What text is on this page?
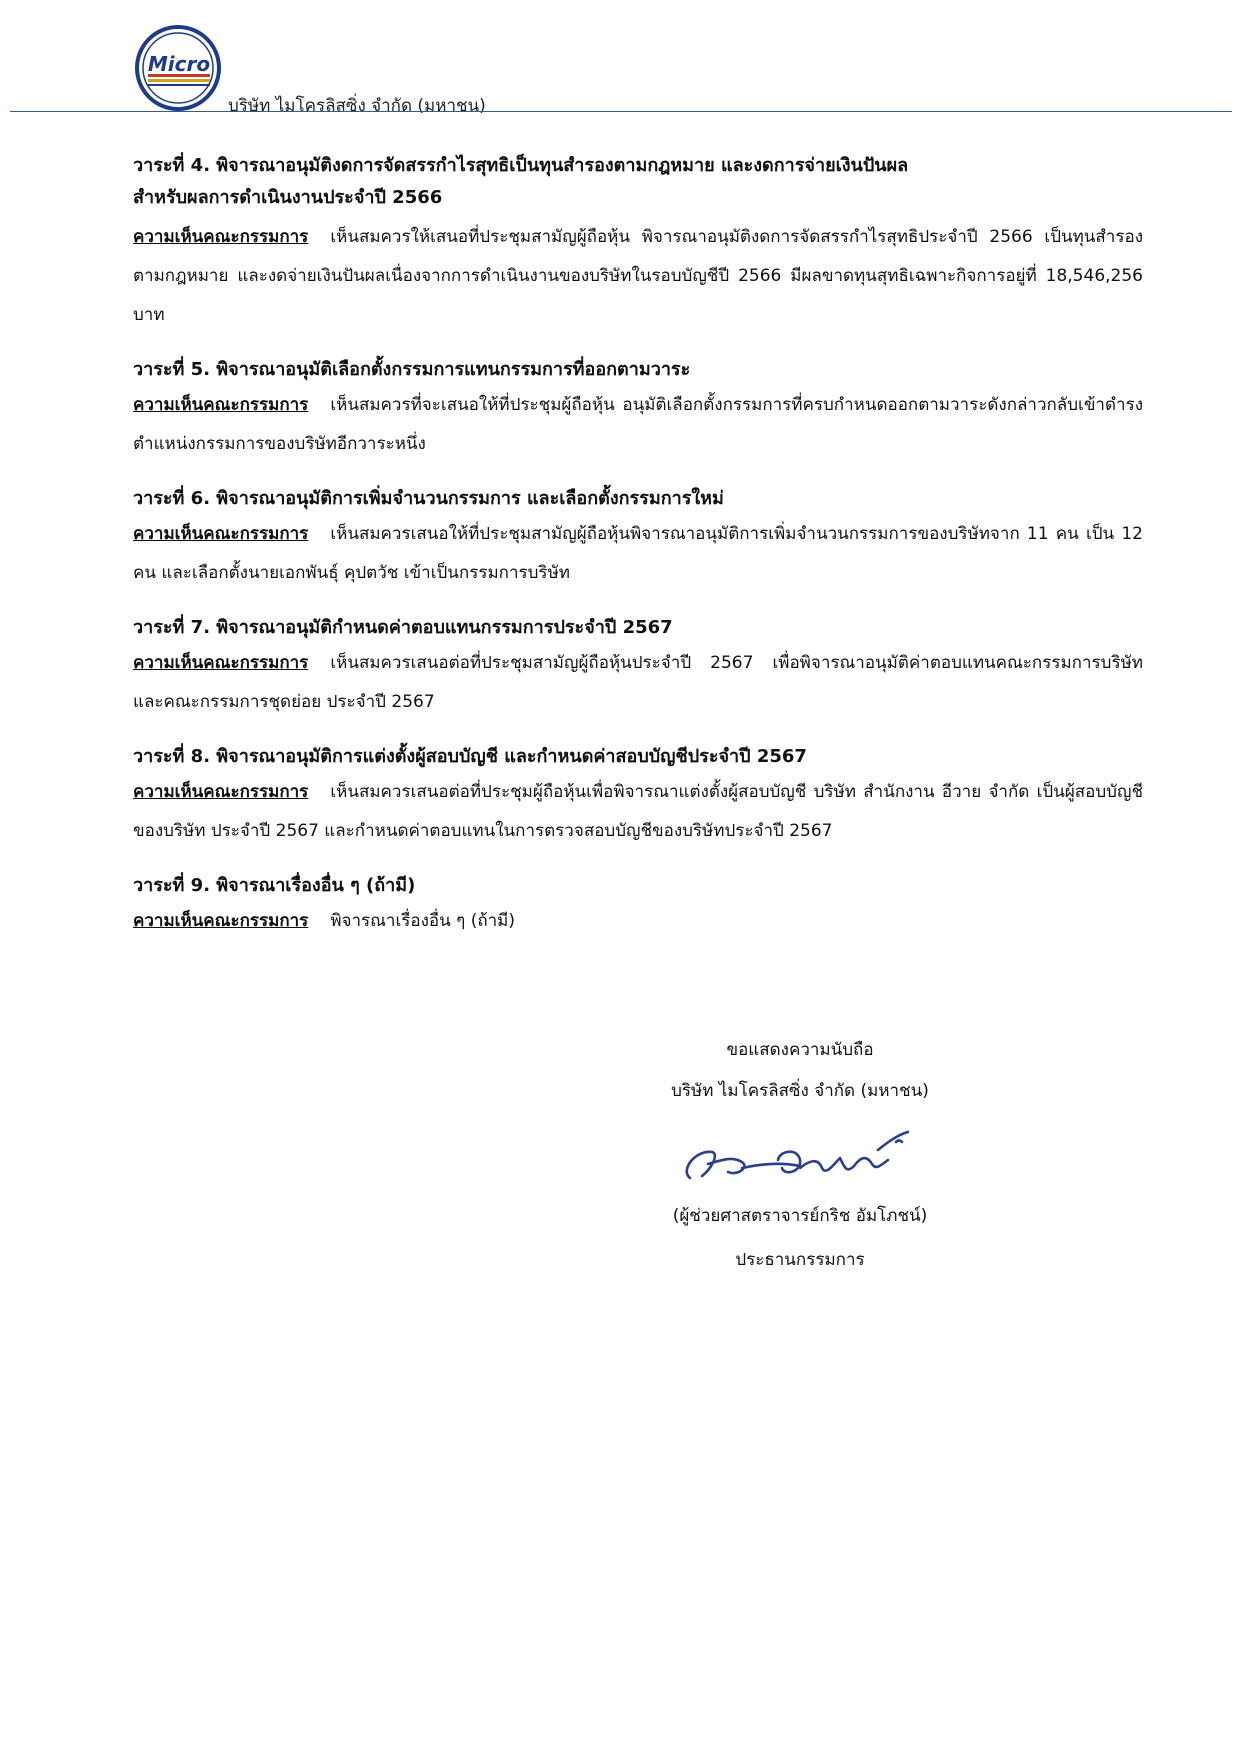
Micro
บริษัท ไมโครลิสซิ่ง จำกัด (มหาชน)

วาระที่ 4. พิจารณาอนุมัติงดการจัดสรรกำไรสุทธิเป็นทุนสำรองตามกฎหมาย และงดการจ่ายเงินปันผล

สำหรับผลการดำเนินงานประจำปี 2566

ความเห็นคณะกรรมการ เห็นสมควรให้เสนอที่ประชุมสามัญผู้ถือหุ้น พิจารณาอนุมัติงดการจัดสรรกำไรสุทธิประจำปี 2566 เป็นทุนสำรองตามกฎหมาย และงดจ่ายเงินปันผลเนื่องจากการดำเนินงานของบริษัทในรอบบัญชีปี 2566 มีผลขาดทุนสุทธิเฉพาะกิจการอยู่ที่ 18,546,256 บาท

วาระที่ 5. พิจารณาอนุมัติเลือกตั้งกรรมการแทนกรรมการที่ออกตามวาระ

ความเห็นคณะกรรมการ เห็นสมควรที่จะเสนอให้ที่ประชุมผู้ถือหุ้น อนุมัติเลือกตั้งกรรมการที่ครบกำหนดออกตามวาระดังกล่าวกลับเข้าดำรงตำแหน่งกรรมการของบริษัทอีกวาระหนึ่ง

วาระที่ 6. พิจารณาอนุมัติการเพิ่มจำนวนกรรมการ และเลือกตั้งกรรมการใหม่

ความเห็นคณะกรรมการ เห็นสมควรเสนอให้ที่ประชุมสามัญผู้ถือหุ้นพิจารณาอนุมัติการเพิ่มจำนวนกรรมการของบริษัทจาก 11 คน เป็น 12 คน และเลือกตั้งนายเอกพันธุ์ คุปตวัช เข้าเป็นกรรมการบริษัท

วาระที่ 7. พิจารณาอนุมัติกำหนดค่าตอบแทนกรรมการประจำปี 2567

ความเห็นคณะกรรมการ เห็นสมควรเสนอต่อที่ประชุมสามัญผู้ถือหุ้นประจำปี 2567 เพื่อพิจารณาอนุมัติค่าตอบแทนคณะกรรมการบริษัท และคณะกรรมการชุดย่อย ประจำปี 2567

วาระที่ 8. พิจารณาอนุมัติการแต่งตั้งผู้สอบบัญชี และกำหนดค่าสอบบัญชีประจำปี 2567

ความเห็นคณะกรรมการ เห็นสมควรเสนอต่อที่ประชุมผู้ถือหุ้นเพื่อพิจารณาแต่งตั้งผู้สอบบัญชี บริษัท สำนักงาน อีวาย จำกัด เป็นผู้สอบบัญชีของบริษัท ประจำปี 2567 และกำหนดค่าตอบแทนในการตรวจสอบบัญชีของบริษัทประจำปี 2567

วาระที่ 9. พิจารณาเรื่องอื่น ๆ (ถ้ามี)

ความเห็นคณะกรรมการ พิจารณาเรื่องอื่น ๆ (ถ้ามี)

ขอแสดงความนับถือ
บริษัท ไมโครลิสซิ่ง จำกัด (มหาชน)
(ผู้ช่วยศาสตราจารย์กริช อัมโภชน์)
ประธานกรรมการ
